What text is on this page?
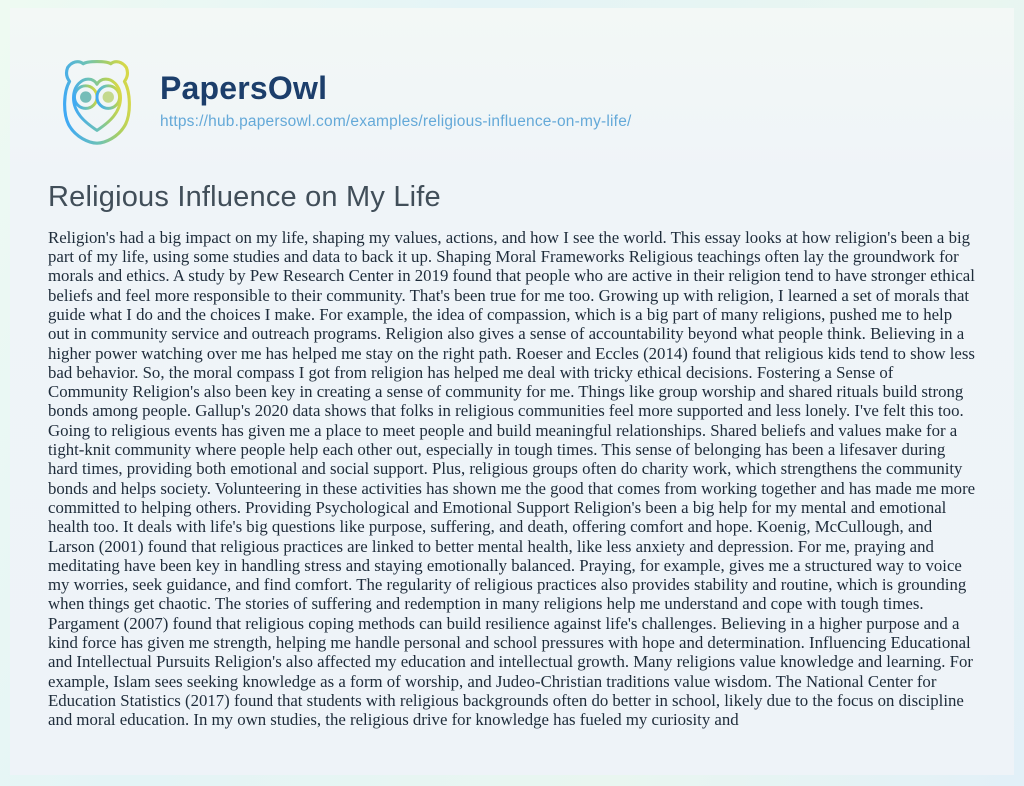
PapersOwl
https://hub.papersowl.com/examples/religious-influence-on-my-life/
Religious Influence on My Life

Religion's had a big impact on my life, shaping my values, actions, and how I see the world. This essay looks at how religion's been a big part of my life, using some studies and data to back it up. Shaping Moral Frameworks Religious teachings often lay the groundwork for morals and ethics. A study by Pew Research Center in 2019 found that people who are active in their religion tend to have stronger ethical beliefs and feel more responsible to their community. That's been true for me too. Growing up with religion, I learned a set of morals that guide what I do and the choices I make. For example, the idea of compassion, which is a big part of many religions, pushed me to help out in community service and outreach programs. Religion also gives a sense of accountability beyond what people think. Believing in a higher power watching over me has helped me stay on the right path. Roeser and Eccles (2014) found that religious kids tend to show less bad behavior. So, the moral compass I got from religion has helped me deal with tricky ethical decisions. Fostering a Sense of Community Religion's also been key in creating a sense of community for me. Things like group worship and shared rituals build strong bonds among people. Gallup's 2020 data shows that folks in religious communities feel more supported and less lonely. I've felt this too. Going to religious events has given me a place to meet people and build meaningful relationships. Shared beliefs and values make for a tight-knit community where people help each other out, especially in tough times. This sense of belonging has been a lifesaver during hard times, providing both emotional and social support. Plus, religious groups often do charity work, which strengthens the community bonds and helps society. Volunteering in these activities has shown me the good that comes from working together and has made me more committed to helping others. Providing Psychological and Emotional Support Religion's been a big help for my mental and emotional health too. It deals with life's big questions like purpose, suffering, and death, offering comfort and hope. Koenig, McCullough, and Larson (2001) found that religious practices are linked to better mental health, like less anxiety and depression. For me, praying and meditating have been key in handling stress and staying emotionally balanced. Praying, for example, gives me a structured way to voice my worries, seek guidance, and find comfort. The regularity of religious practices also provides stability and routine, which is grounding when things get chaotic. The stories of suffering and redemption in many religions help me understand and cope with tough times. Pargament (2007) found that religious coping methods can build resilience against life's challenges. Believing in a higher purpose and a kind force has given me strength, helping me handle personal and school pressures with hope and determination. Influencing Educational and Intellectual Pursuits Religion's also affected my education and intellectual growth. Many religions value knowledge and learning. For example, Islam sees seeking knowledge as a form of worship, and Judeo-Christian traditions value wisdom. The National Center for Education Statistics (2017) found that students with religious backgrounds often do better in school, likely due to the focus on discipline and moral education. In my own studies, the religious drive for knowledge has fueled my curiosity and
